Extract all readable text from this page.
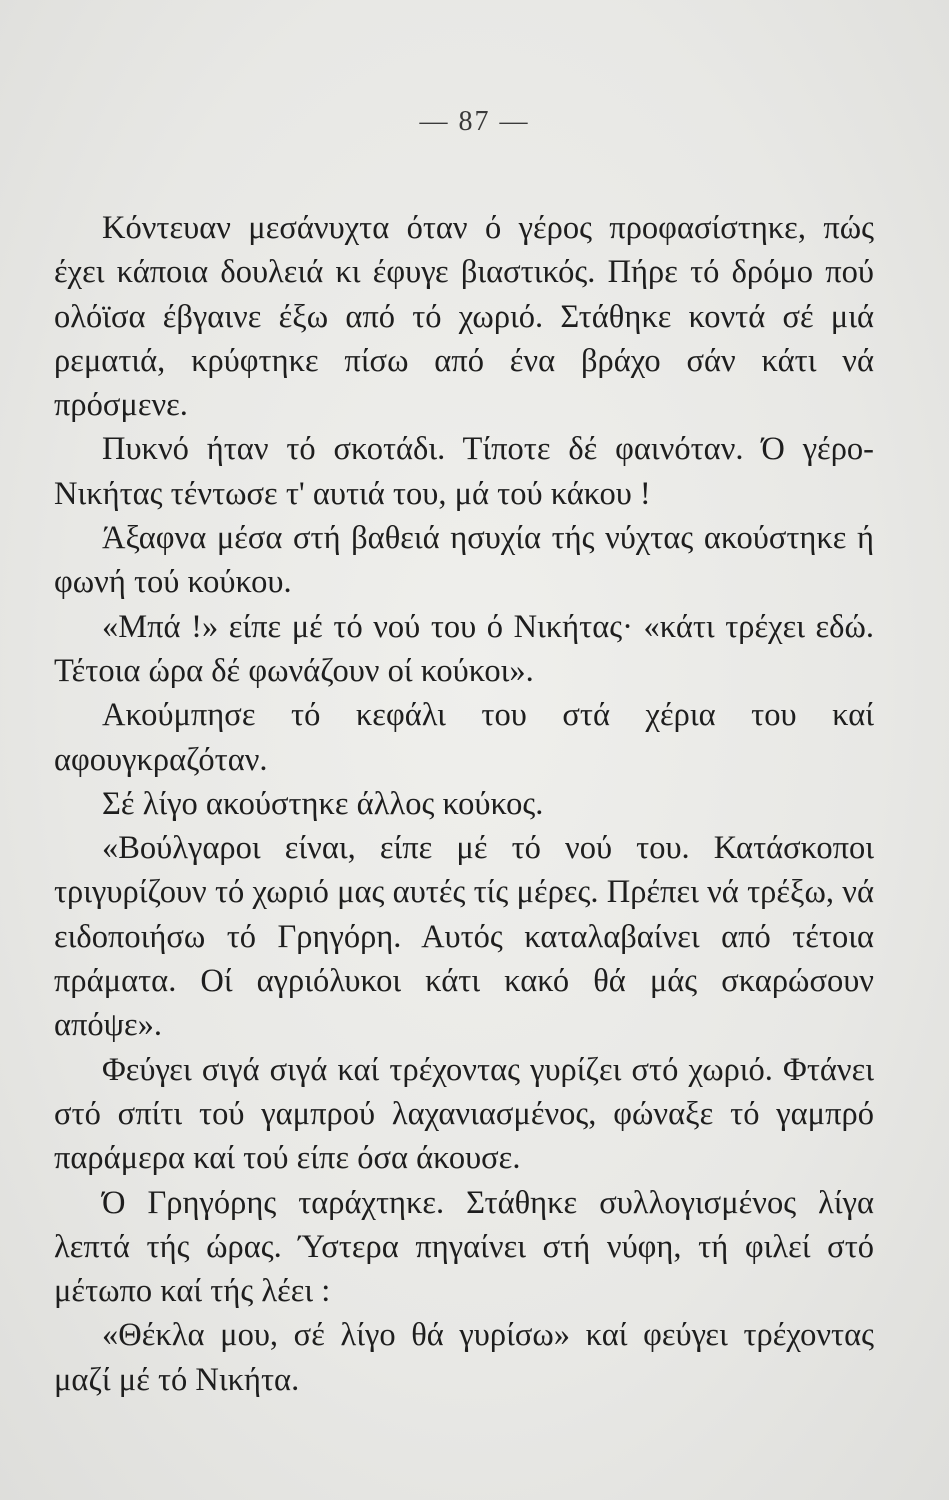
— 87 —

Κόντευαν μεσάνυχτα όταν ό γέρος προφασίστηκε, πώς έχει κάποια δουλειά κι έφυγε βιαστικός. Πήρε τό δρόμο πού ολόϊσα έβγαινε έξω από τό χωριό. Στάθηκε κοντά σέ μιά ρεματιά, κρύφτηκε πίσω από ένα βράχο σάν κάτι νά πρόσμενε.

Πυκνό ήταν τό σκοτάδι. Τίποτε δέ φαινόταν. Ό γέρο-Νικήτας τέντωσε τ' αυτιά του, μά τού κάκου !

Άξαφνα μέσα στή βαθειά ησυχία τής νύχτας ακούστηκε ή φωνή τού κούκου.

«Μπά !» είπε μέ τό νού του ό Νικήτας· «κάτι τρέχει εδώ. Τέτοια ώρα δέ φωνάζουν οί κούκοι».

Ακούμπησε τό κεφάλι του στά χέρια του καί αφουγκραζόταν.

Σέ λίγο ακούστηκε άλλος κούκος.

«Βούλγαροι είναι, είπε μέ τό νού του. Κατάσκοποι τριγυρίζουν τό χωριό μας αυτές τίς μέρες. Πρέπει νά τρέξω, νά ειδοποιήσω τό Γρηγόρη. Αυτός καταλαβαίνει από τέτοια πράματα. Οί αγριόλυκοι κάτι κακό θά μάς σκαρώσουν απόψε».

Φεύγει σιγά σιγά καί τρέχοντας γυρίζει στό χωριό. Φτάνει στό σπίτι τού γαμπρού λαχανιασμένος, φώναξε τό γαμπρό παράμερα καί τού είπε όσα άκουσε.

Ό Γρηγόρης ταράχτηκε. Στάθηκε συλλογισμένος λίγα λεπτά τής ώρας. Ύστερα πηγαίνει στή νύφη, τή φιλεί στό μέτωπο καί τής λέει :

«Θέκλα μου, σέ λίγο θά γυρίσω» καί φεύγει τρέχοντας μαζί μέ τό Νικήτα.
